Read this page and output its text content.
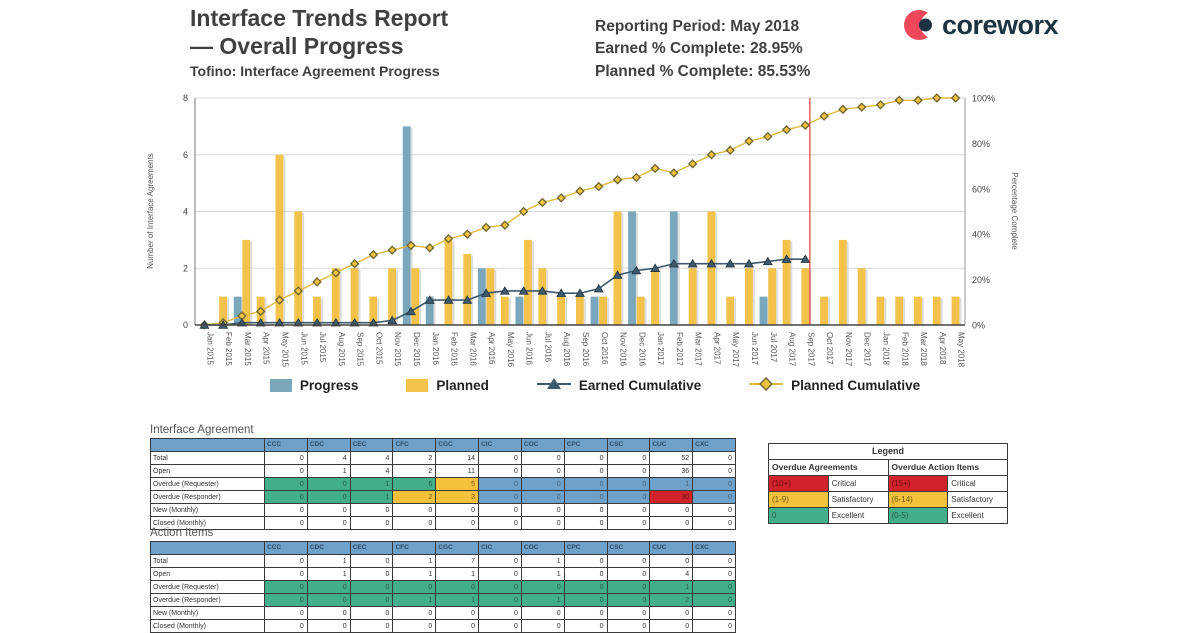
Interface Trends Report
— Overall Progress
Tofino: Interface Agreement Progress
Reporting Period: May 2018
Earned % Complete: 28.95%
Planned % Complete: 85.53%
coreworx
0
2
4
6
8
0%
20%
40%
60%
80%
100%
Jan 2015 Feb 2015 Mar 2015 Apr 2015 May 2015 Jun 2015 Jul 2015 Aug 2015 Sep 2015 Oct 2015 Nov 2015 Dec 2015 Jan 2016 Feb 2016 Mar 2016 Apr 2016 May 2016 Jun 2016 Jul 2016 Aug 2016 Sep 2016 Oct 2016 Nov 2016 Dec 2016 Jan 2017 Feb 2017 Mar 2017 Apr 2017 May 2017 Jun 2017 Jul 2017 Aug 2017 Sep 2017 Oct 2017 Nov 2017 Dec 2017 Jan 2018 Feb 2018 Mar 2018 Apr 2018 May 2018
Number of Interface Agreements	Percentage Complete
Progress	Planned	Earned Cumulative	Planned Cumulative
Interface Agreement
	CCC	CDC	CEC	CFC	CGC	CIC	COC	CPC	CSC	CUC	CXC
Total	0	4	4	2	14	0	0	0	0	52	0
Open	0	1	4	2	11	0	0	0	0	36	0
Overdue (Requester)	0	0	1	6	5	0	0	0	0	1	0
Overdue (Responder)	0	0	1	2	3	0	0	0	0	30	0
New (Monthly)	0	0	0	0	0	0	0	0	0	0	0
Closed (Monthly)	0	0	0	0	0	0	0	0	0	0	0
Legend			
Overdue Agreements		Overdue Action Items	
(10+)	Critical	(15+)	Critical
(1-9)	Satisfactory	(6-14)	Satisfactory
0	Excellent	(0-5)	Excellent
Action Items
	CCC	CDC	CEC	CFC	CGC	CIC	COC	CPC	CSC	CUC	CXC
Total	0	1	0	1	7	0	1	0	0	0	0
Open	0	1	0	1	1	0	1	0	0	4	0
Overdue (Requester)	0	0	0	0	0	0	0	0	0	1	0
Overdue (Responder)	0	0	0	1	1	0	1	0	0	2	0
New (Monthly)	0	0	0	0	0	0	0	0	0	0	0
Closed (Monthly)	0	0	0	0	0	0	0	0	0	0	0
